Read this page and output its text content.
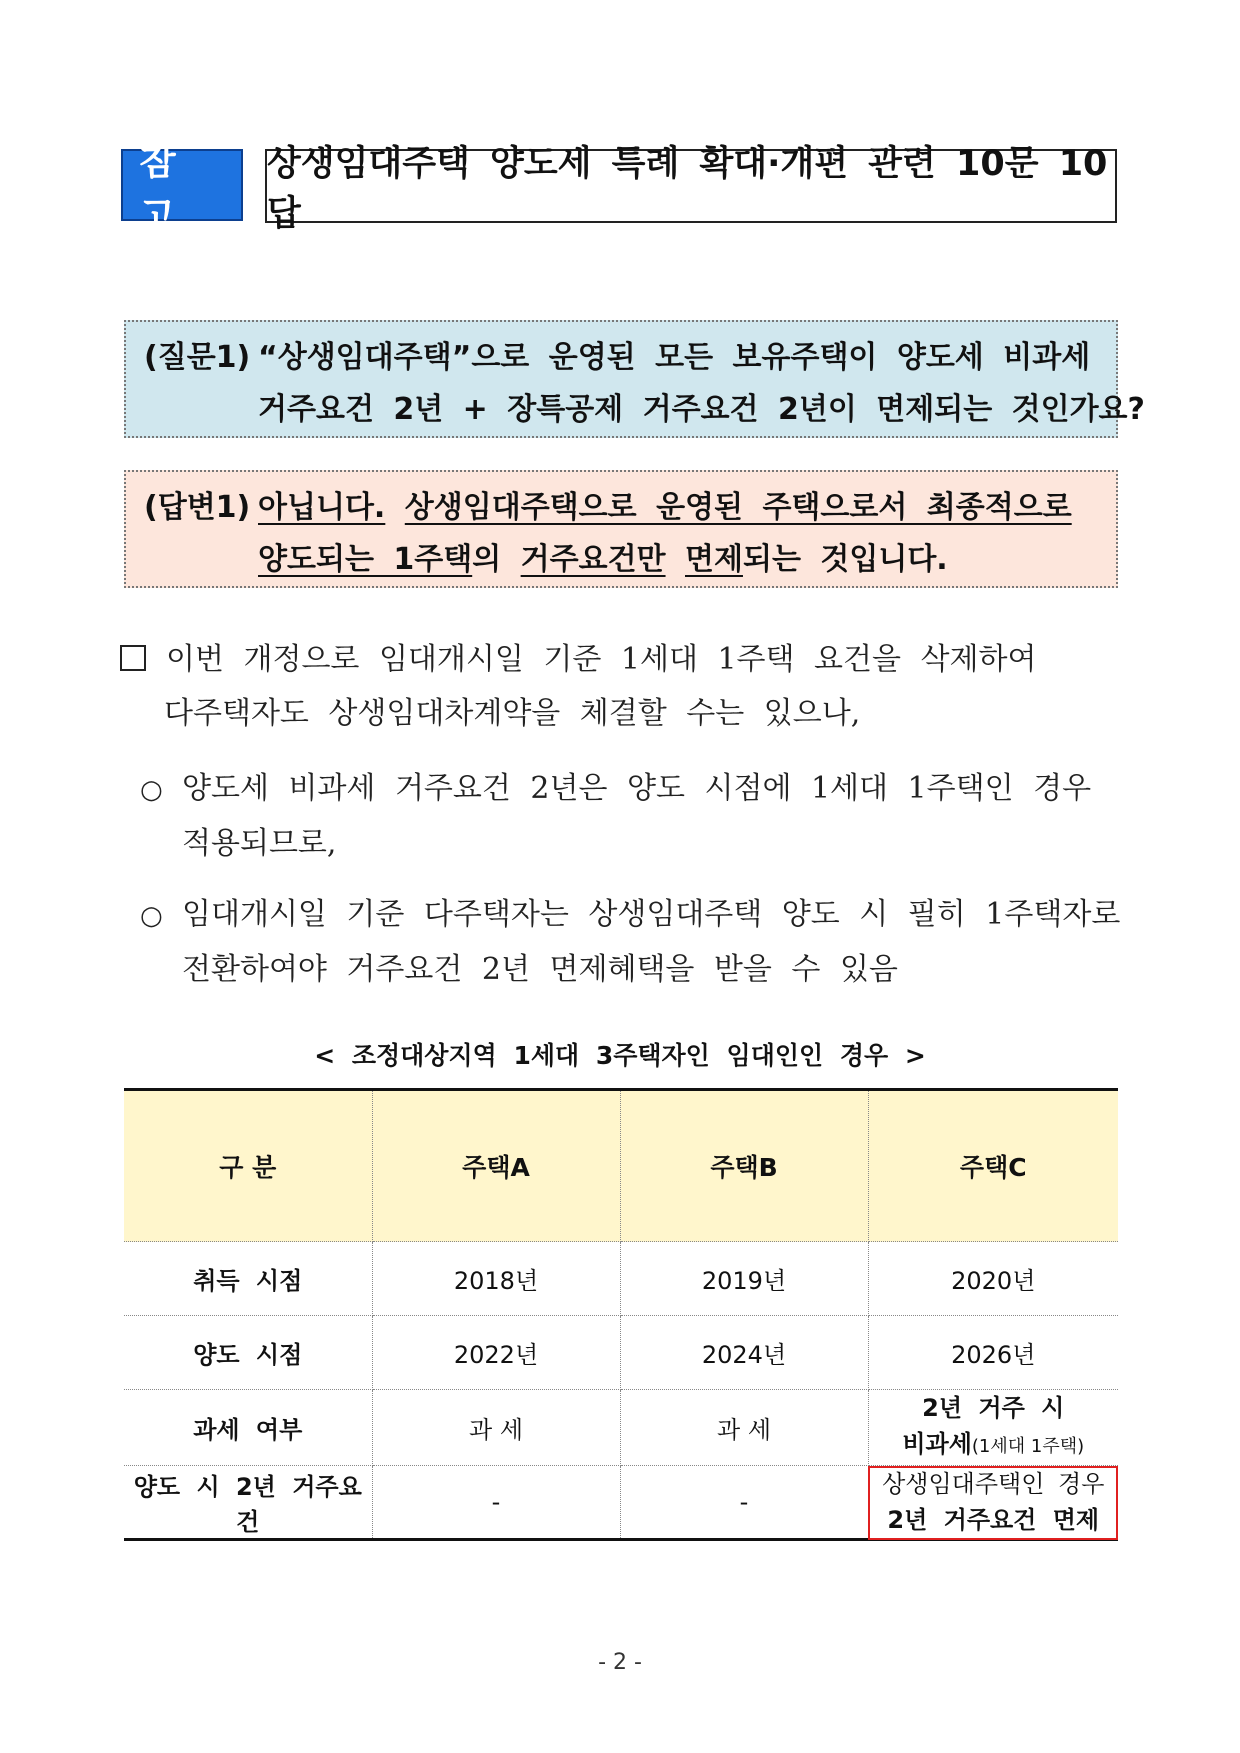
참고
상생임대주택 양도세 특례 확대·개편 관련 10문 10답
(질문1) “상생임대주택”으로 운영된 모든 보유주택이 양도세 비과세
거주요건 2년 + 장특공제 거주요건 2년이 면제되는 것인가요?
(답변1) 아닙니다. 상생임대주택으로 운영된 주택으로서 최종적으로
양도되는 1주택의 거주요건만 면제되는 것입니다.
이번 개정으로 임대개시일 기준 1세대 1주택 요건을 삭제하여
다주택자도 상생임대차계약을 체결할 수는 있으나,
○ 양도세 비과세 거주요건 2년은 양도 시점에 1세대 1주택인 경우
적용되므로,
○ 임대개시일 기준 다주택자는 상생임대주택 양도 시 필히 1주택자로
전환하여야 거주요건 2년 면제혜택을 받을 수 있음
< 조정대상지역 1세대 3주택자인 임대인인 경우 >
구 분	주택A	주택B	주택C
취득 시점	2018년	2019년	2020년
양도 시점	2022년	2024년	2026년
과세 여부	과 세	과 세	2년 거주 시
비과세(1세대 1주택)

양도 시 2년 거주요건	-	-	상생임대주택인 경우
2년 거주요건 면제
- 2 -
